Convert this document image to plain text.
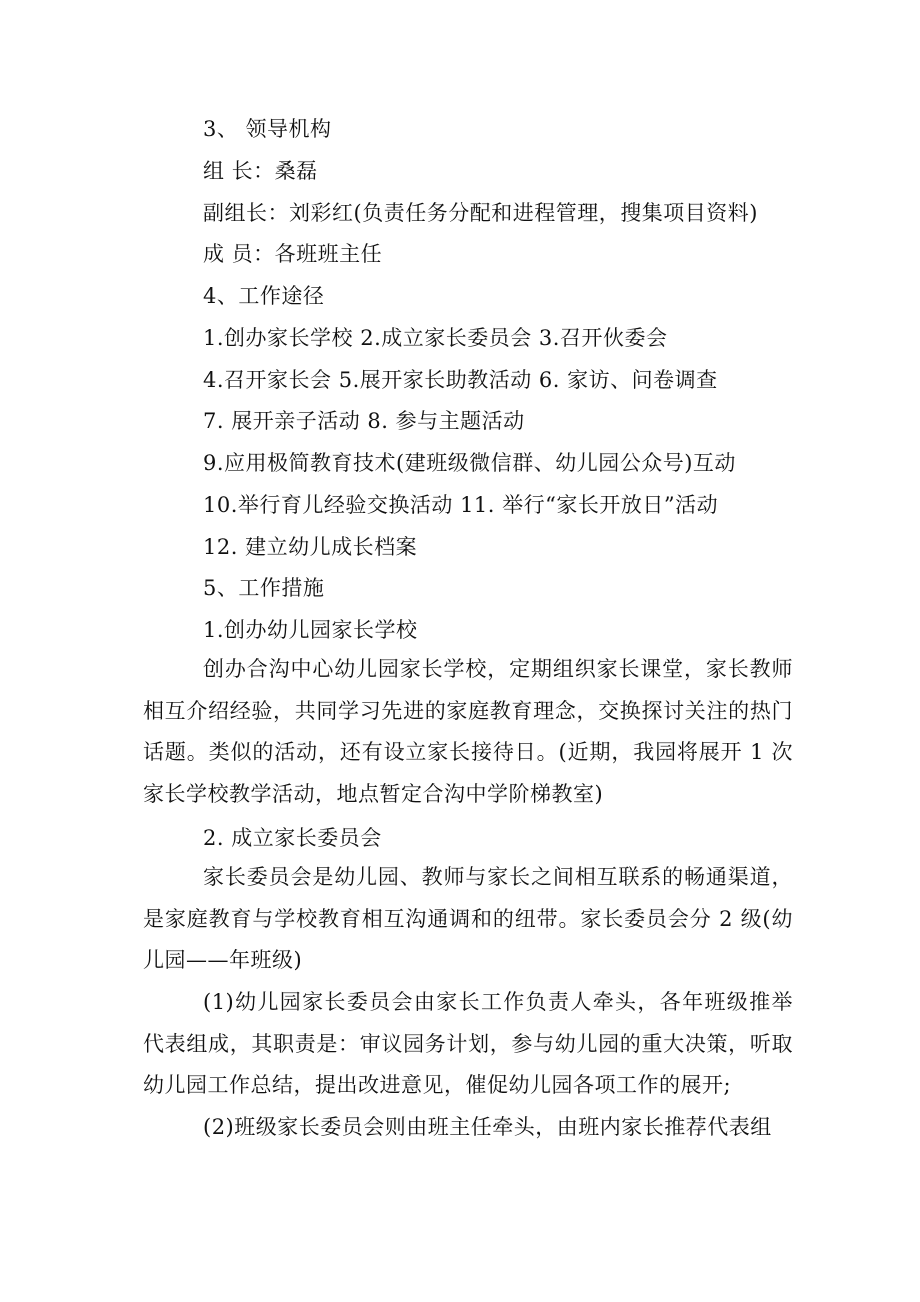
3、 领导机构
组 长：桑磊
副组长：刘彩红(负责任务分配和进程管理，搜集项目资料)
成 员：各班班主任
4、工作途径
1.创办家长学校 2.成立家长委员会 3.召开伙委会
4.召开家长会 5.展开家长助教活动 6. 家访、问卷调查
7. 展开亲子活动 8. 参与主题活动
9.应用极简教育技术(建班级微信群、幼儿园公众号)互动
10.举行育儿经验交换活动 11. 举行“家长开放日”活动
12. 建立幼儿成长档案
5、工作措施
1.创办幼儿园家长学校
创办合沟中心幼儿园家长学校，定期组织家长课堂，家长教师相互介绍经验，共同学习先进的家庭教育理念，交换探讨关注的热门话题。类似的活动，还有设立家长接待日。(近期，我园将展开 1 次家长学校教学活动，地点暂定合沟中学阶梯教室)
2. 成立家长委员会
家长委员会是幼儿园、教师与家长之间相互联系的畅通渠道，是家庭教育与学校教育相互沟通调和的纽带。家长委员会分 2 级(幼儿园——年班级)
(1)幼儿园家长委员会由家长工作负责人牵头，各年班级推举代表组成，其职责是：审议园务计划，参与幼儿园的重大决策，听取幼儿园工作总结，提出改进意见，催促幼儿园各项工作的展开;
(2)班级家长委员会则由班主任牵头，由班内家长推荐代表组
